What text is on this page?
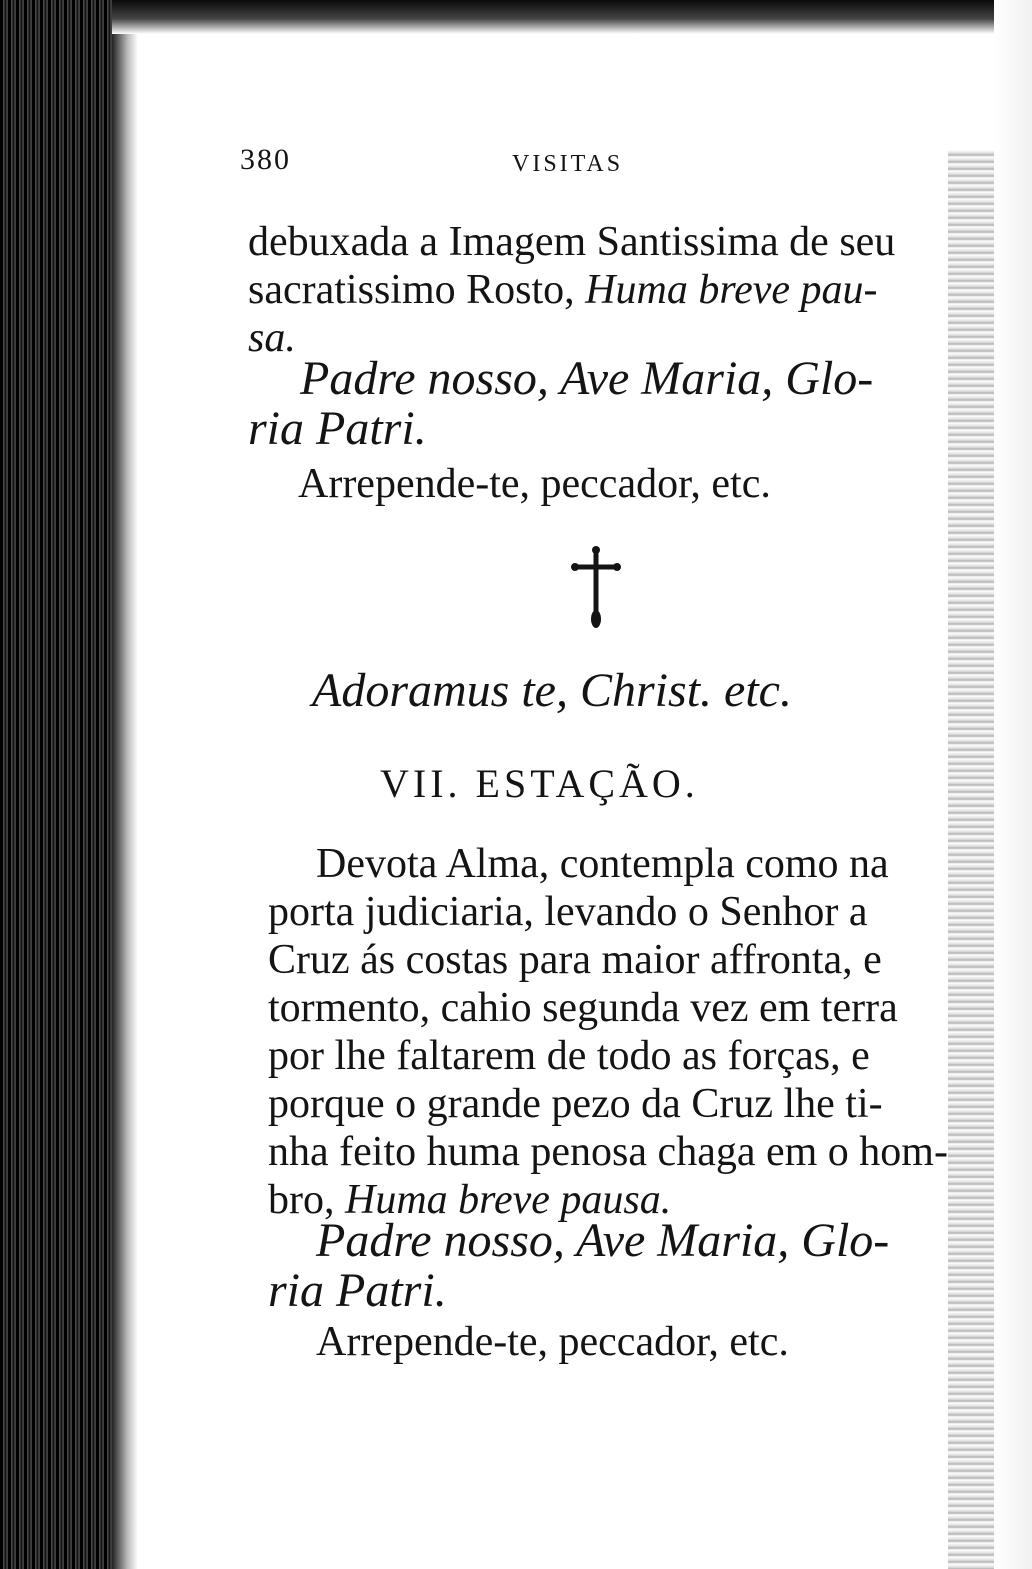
380	VISITAS
debuxada a Imagem Santissima de seu
sacratissimo Rosto, Huma breve pau-
sa.
Padre nosso, Ave Maria, Glo-
ria Patri.
Arrepende-te, peccador, etc.
Adoramus te, Christ. etc.
VII. ESTAÇÃO.
Devota Alma, contempla como na
porta judiciaria, levando o Senhor a
Cruz ás costas para maior affronta, e
tormento, cahio segunda vez em terra
por lhe faltarem de todo as forças, e
porque o grande pezo da Cruz lhe ti-
nha feito huma penosa chaga em o hom-
bro, Huma breve pausa.
Padre nosso, Ave Maria, Glo-
ria Patri.
Arrepende-te, peccador, etc.
